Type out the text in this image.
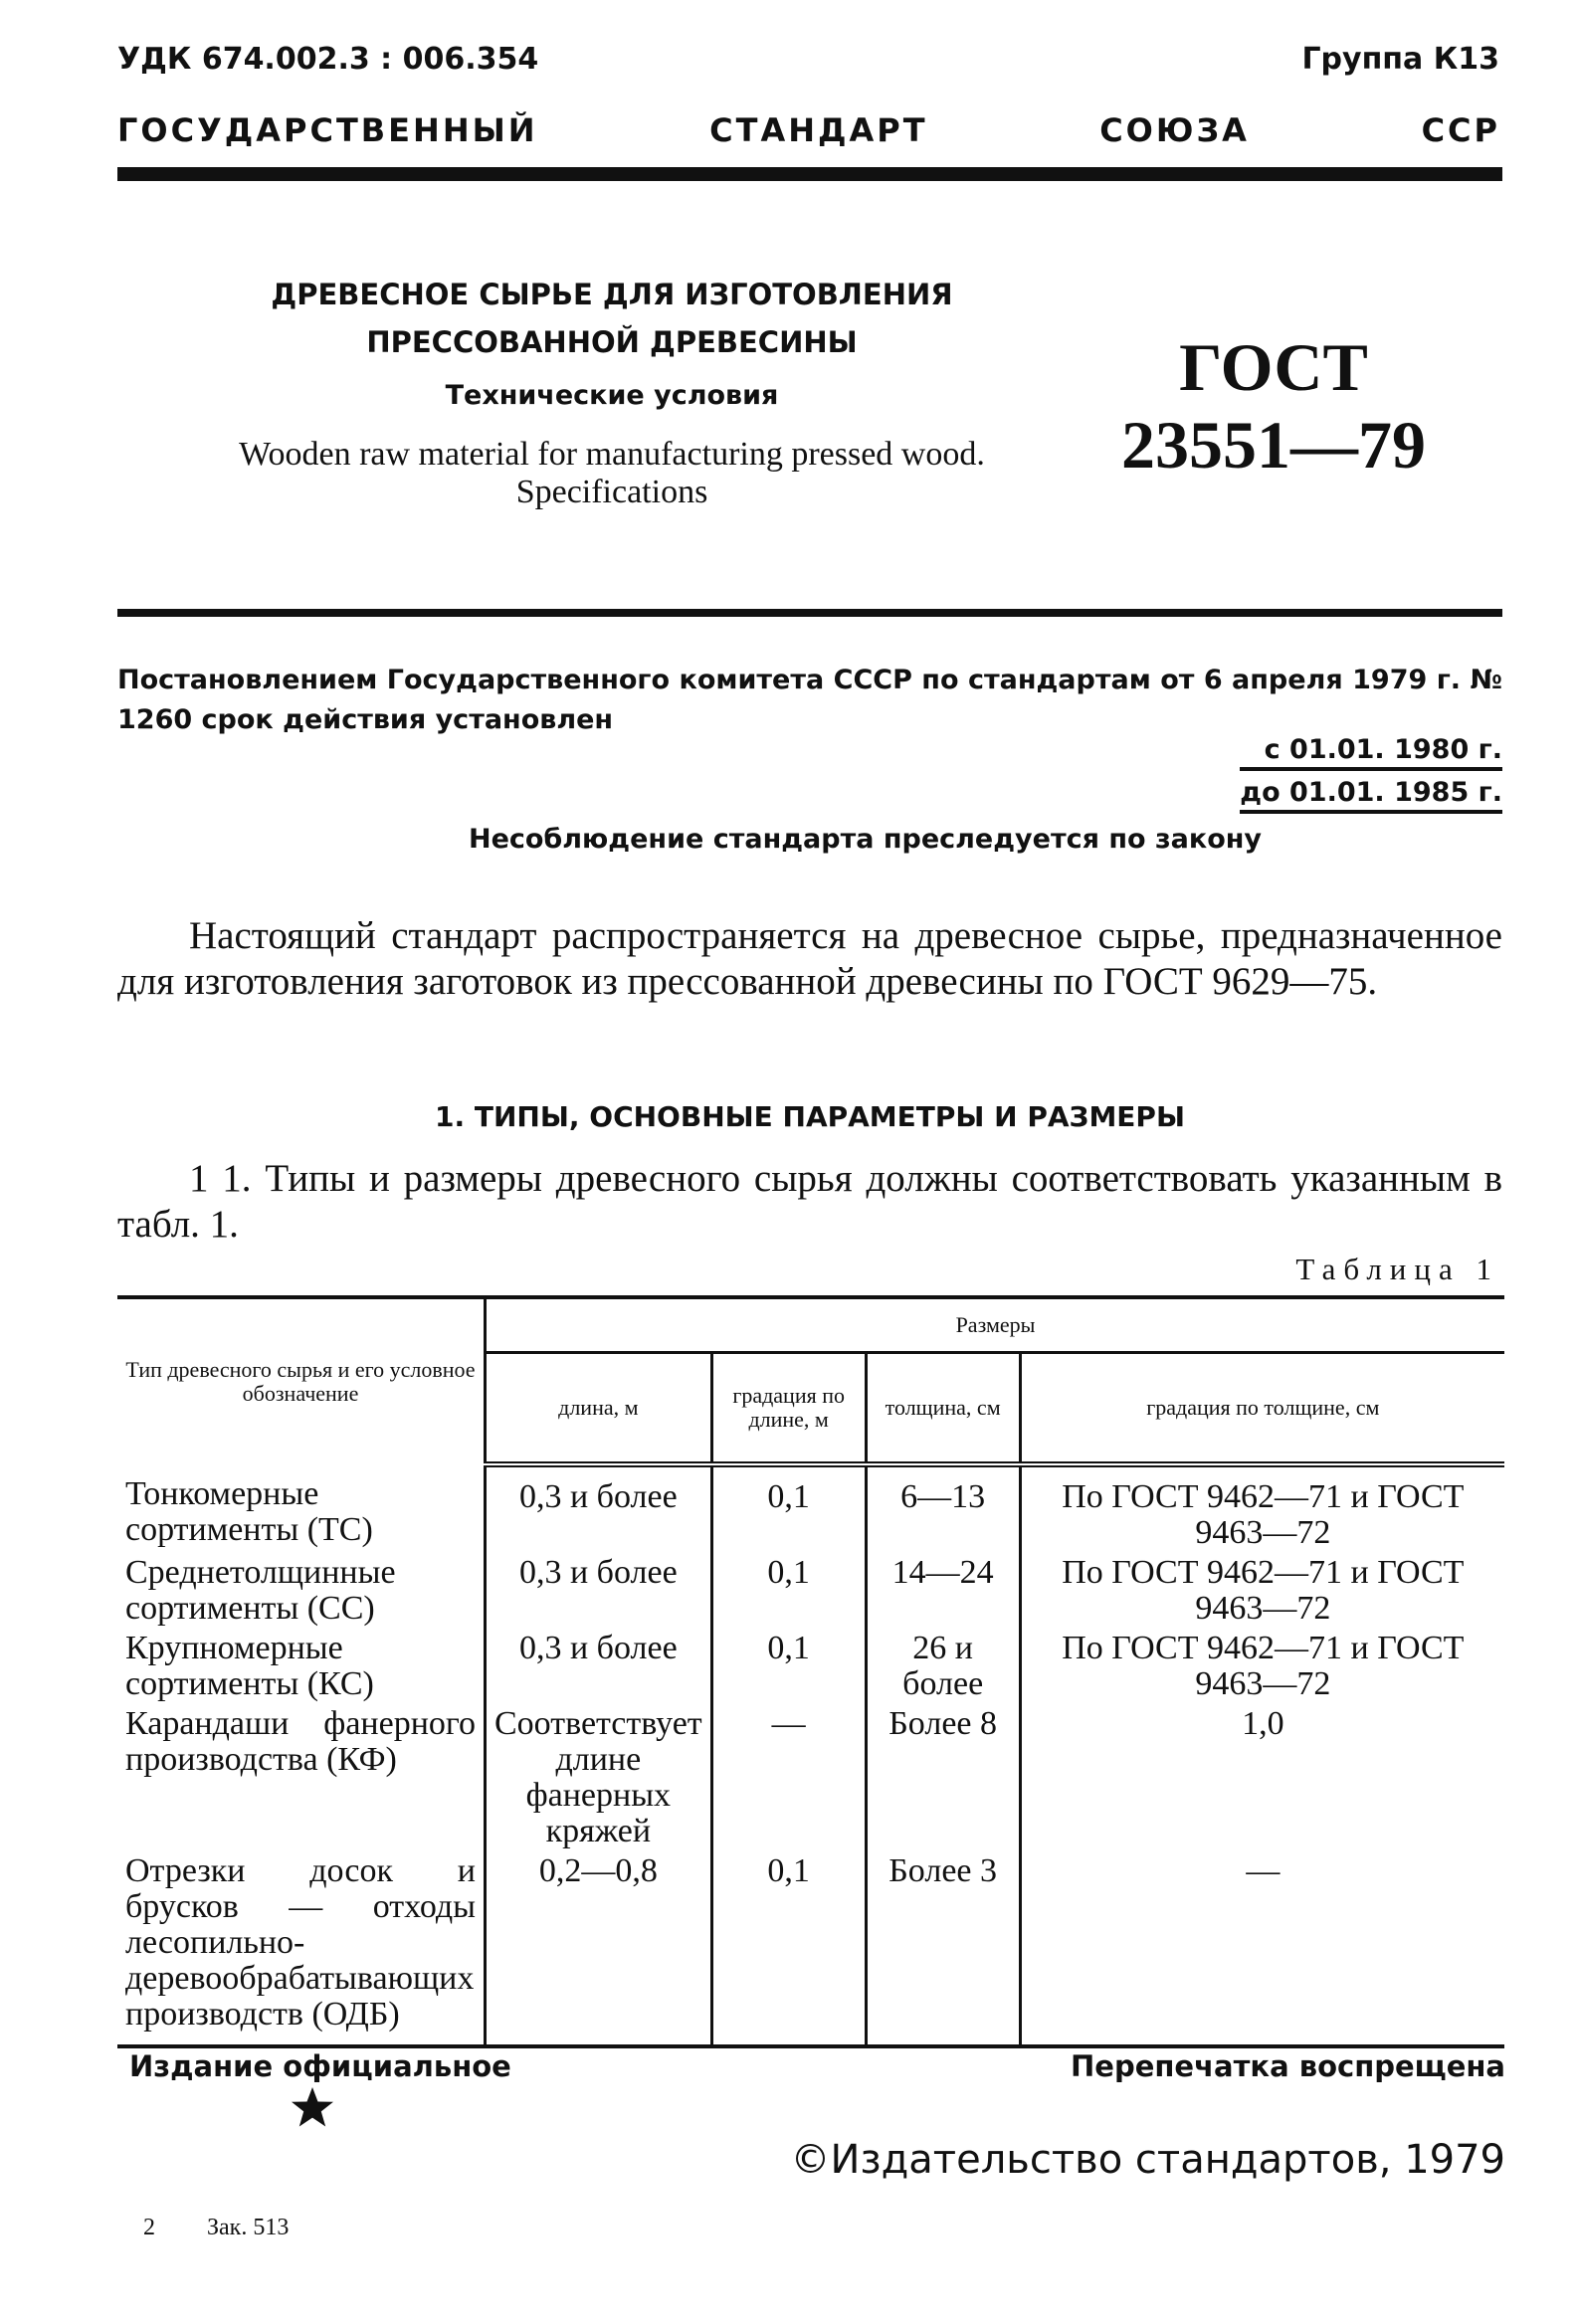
УДК 674.002.3 : 006.354	Группа К13
ГОСУДАРСТВЕННЫЙ	СТАНДАРТ	СОЮЗА	ССР
ДРЕВЕСНОЕ СЫРЬЕ ДЛЯ ИЗГОТОВЛЕНИЯ
ПРЕССОВАННОЙ ДРЕВЕСИНЫ
Технические условия
Wooden raw material for manufacturing pressed wood.
Specifications
ГОСТ
23551—79
Постановлением Государственного комитета СССР по стандартам от 6 апреля 1979 г. № 1260 срок действия установлен
с 01.01. 1980 г.
до 01.01. 1985 г.
Несоблюдение стандарта преследуется по закону
Настоящий стандарт распространяется на древесное сырье, предназначенное для изготовления заготовок из прессованной древесины по ГОСТ 9629—75.
1. ТИПЫ, ОСНОВНЫЕ ПАРАМЕТРЫ И РАЗМЕРЫ
1 1. Типы и размеры древесного сырья должны соответствовать указанным в табл. 1.
Таблица 1
Тип древесного сырья и его условное обозначение	Размеры			
	длина, м	градация по длине, м	толщина, см	градация по толщине, см
Тонкомерные сортименты (ТС)	0,3 и более	0,1	6—13	По ГОСТ 9462—71 и ГОСТ 9463—72
Среднетолщинные сортименты (СС)	0,3 и более	0,1	14—24	По ГОСТ 9462—71 и ГОСТ 9463—72
Крупномерные сортименты (КС)	0,3 и более	0,1	26 и более	По ГОСТ 9462—71 и ГОСТ 9463—72
Карандаши фанерного производства (КФ)	Соответствует длине фанерных кряжей	—	Более 8	1,0
Отрезки досок и брусков — отходы лесопильно-деревообрабатывающих производств (ОДБ)	0,2—0,8	0,1	Более 3	—
Издание официальное	Перепечатка воспрещена
©Издательство стандартов, 1979
2 Зак. 513
